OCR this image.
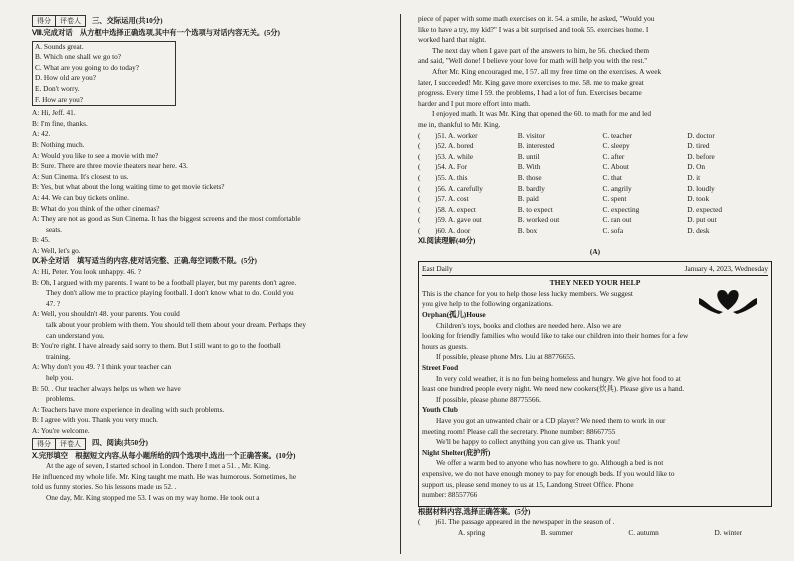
得分	评卷人	三、交际运用(共10分)
Ⅷ.完成对话　从方框中选择正确选项,其中有一个选项与对话内容无关。(5分)
A. Sounds great.
B. Which one shall we go to?
C. What are you going to do today?
D. How old are you?
E. Don't worry.
F. How are you?
A: Hi, Jeff. 41.
B: I'm fine, thanks.
A: 42.
B: Nothing much.
A: Would you like to see a movie with me?
B: Sure. There are three movie theaters near here. 43.
A: Sun Cinema. It's closest to us.
B: Yes, but what about the long waiting time to get movie tickets?
A: 44. We can buy tickets online.
B: What do you think of the other cinemas?
A: They are not as good as Sun Cinema. It has the biggest screens and the most comfortable
seats.
B: 45.
A: Well, let's go.
Ⅸ.补全对话　填写适当的内容,使对话完整、正确,每空词数不限。(5分)
A: Hi, Peter. You look unhappy. 46. ?
B: Oh, I argued with my parents. I want to be a football player, but my parents don't agree.
They don't allow me to practice playing football. I don't know what to do. Could you
47. ?
A: Well, you shouldn't 48. your parents. You could
talk about your problem with them. You should tell them about your dream. Perhaps they
can understand you.
B: You're right. I have already said sorry to them. But I still want to go to the football
training.
A: Why don't you 49. ? I think your teacher can
help you.
B: 50. . Our teacher always helps us when we have
problems.
A: Teachers have more experience in dealing with such problems.
B: I agree with you. Thank you very much.
A: You're welcome.
得分	评卷人	四、阅读(共50分)
Ⅹ.完形填空　根据短文内容,从每小题所给的四个选项中,选出一个正确答案。(10分)
At the age of seven, I started school in London. There I met a 51. , Mr. King.
He influenced my whole life. Mr. King taught me math. He was humorous. Sometimes, he
told us funny stories. So his lessons made us 52. .
One day, Mr. King stopped me 53. I was on my way home. He took out a
piece of paper with some math exercises on it. 54. a smile, he asked, "Would you
like to have a try, my kid?" I was a bit surprised and took 55. exercises home. I
worked hard that night.
The next day when I gave part of the answers to him, he 56. checked them
and said, "Well done! I believe your love for math will help you with the rest."
After Mr. King encouraged me, I 57. all my free time on the exercises. A week
later, I succeeded! Mr. King gave more exercises to me. 58. me to make great
progress. Every time I 59. the problems, I had a lot of fun. Exercises became
harder and I put more effort into math.
I enjoyed math. It was Mr. King that opened the 60. to math for me and led
me in, thankful to Mr. King.
(　　)51. A. worker	B. visitor	C. teacher	D. doctor
(　　)52. A. bored	B. interested	C. sleepy	D. tired
(　　)53. A. while	B. until	C. after	D. before
(　　)54. A. For	B. With	C. About	D. On
(　　)55. A. this	B. those	C. that	D. it
(　　)56. A. carefully	B. bardly	C. angrily	D. loudly
(　　)57. A. cost	B. paid	C. spent	D. took
(　　)58. A. expect	B. to expect	C. expecting	D. expected
(　　)59. A. gave out	B. worked out	C. ran out	D. put out
(　　)60. A. door	B. box	C. sofa	D. desk
Ⅺ.阅读理解(40分)
(A)
East Daily	January 4, 2023, Wednesday
THEY NEED YOUR HELP
This is the chance for you to help those less lucky members. We suggest
you give help to the following organizations.
Orphan(孤儿)House
Children's toys, books and clothes are needed here. Also we are
looking for friendly families who would like to take our children into their homes for a few
hours as guests.
If possible, please phone Mrs. Liu at 88776655.
Street Food
In very cold weather, it is no fun being homeless and hungry. We give hot food to at
least one hundred people every night. We need new cookers(炊具). Please give us a hand.
If possible, please phone 88775566.
Youth Club
Have you got an unwanted chair or a CD player? We need them to work in our
meeting room! Please call the secretary. Phone number: 88667755
We'll be happy to collect anything you can give us. Thank you!
Night Shelter(庇护所)
We offer a warm bed to anyone who has nowhere to go. Although a bed is not
expensive, we do not have enough money to pay for enough beds. If you would like to
support us, please send money to us at 15, Landong Street Office. Phone
number: 88557766
根据材料内容,选择正确答案。(5分)
(　　)61. The passage appeared in the newspaper in the season of .
A. spring	B. summer	C. autumn	D. winter
